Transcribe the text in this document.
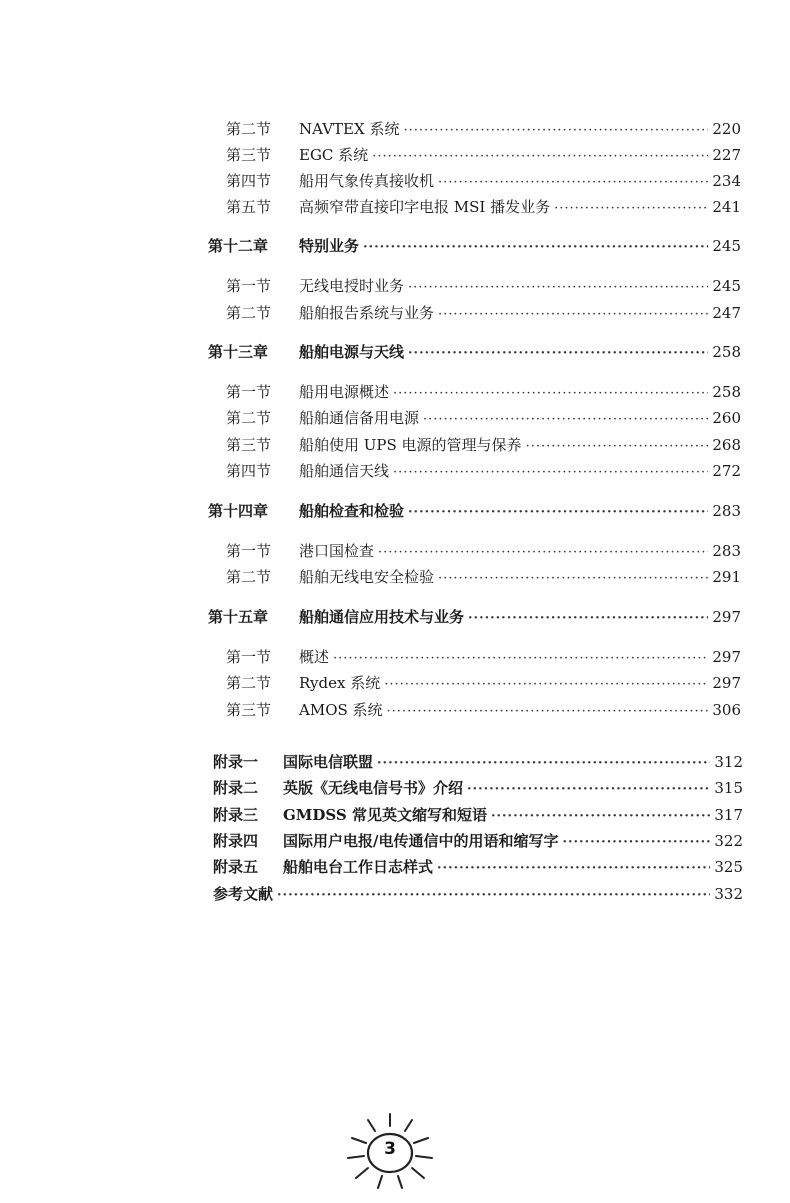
第二节	NAVTEX 系统 ·····	220
第三节	EGC 系统 ·····	227
第四节	船用气象传真接收机 ·····	234
第五节	高频窄带直接印字电报 MSI 播发业务 ·····	241
第十二章	特别业务 ·····	245
第一节	无线电授时业务 ·····	245
第二节	船舶报告系统与业务 ·····	247
第十三章	船舶电源与天线 ·····	258
第一节	船用电源概述 ·····	258
第二节	船舶通信备用电源 ·····	260
第三节	船舶使用 UPS 电源的管理与保养 ·····	268
第四节	船舶通信天线 ·····	272
第十四章	船舶检查和检验 ·····	283
第一节	港口国检查 ·····	283
第二节	船舶无线电安全检验 ·····	291
第十五章	船舶通信应用技术与业务 ·····	297
第一节	概述 ·····	297
第二节	Rydex 系统 ·····	297
第三节	AMOS 系统 ·····	306
附录一	国际电信联盟 ·····	312
附录二	英版《无线电信号书》介绍 ·····	315
附录三	GMDSS 常见英文缩写和短语 ·····	317
附录四	国际用户电报/电传通信中的用语和缩写字 ·····	322
附录五	船舶电台工作日志样式 ·····	325
参考文献 ·····	332
3
